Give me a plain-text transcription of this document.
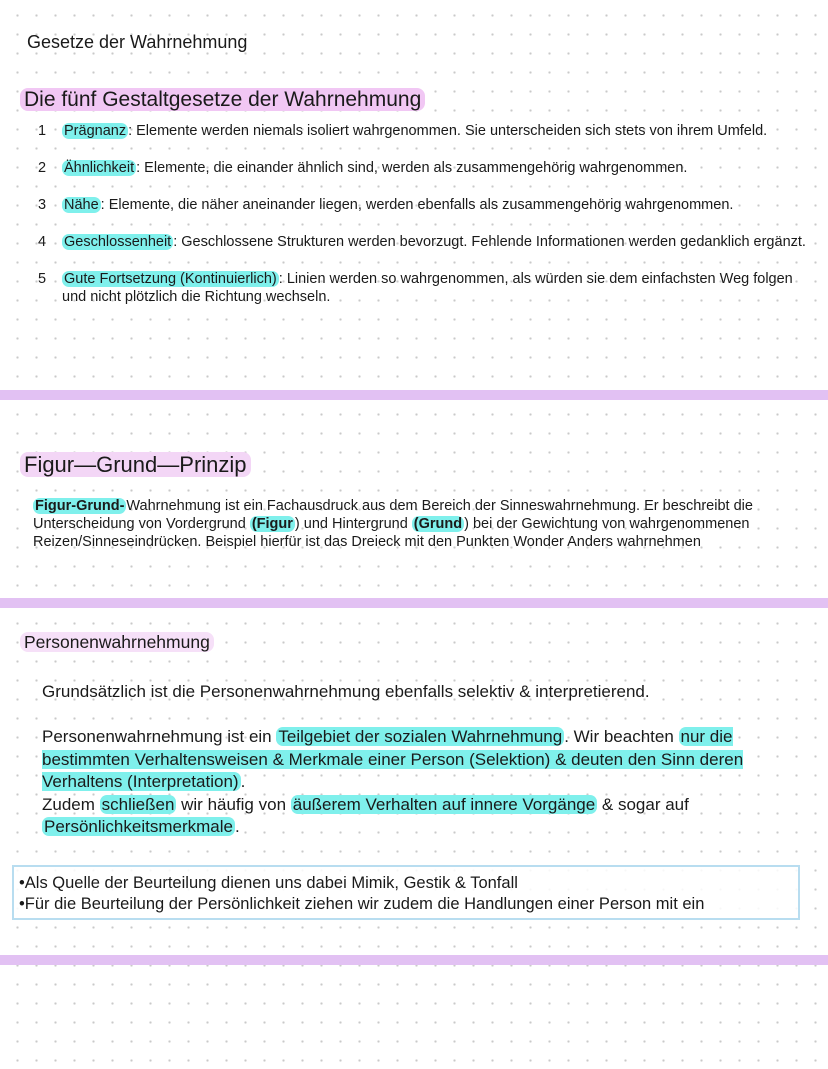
Gesetze der Wahrnehmung
Die fünf Gestaltgesetze der Wahrnehmung
1	Prägnanz : Elemente werden niemals isoliert wahrgenommen. Sie unterscheiden sich stets von ihrem Umfeld.
2	Ähnlichkeit : Elemente, die einander ähnlich sind, werden als zusammengehörig wahrgenommen.
3	Nähe : Elemente, die näher aneinander liegen, werden ebenfalls als zusammengehörig wahrgenommen.
4	Geschlossenheit : Geschlossene Strukturen werden bevorzugt. Fehlende Informationen werden gedanklich ergänzt.
5	Gute Fortsetzung (Kontinuierlich) : Linien werden so wahrgenommen, als würden sie dem einfachsten Weg folgen und nicht plötzlich die Richtung wechseln.
Figur—Grund—Prinzip
Figur-Grund- Wahrnehmung ist ein Fachausdruck aus dem Bereich der Sinneswahrnehmung. Er beschreibt die Unterscheidung von Vordergrund (Figur ) und Hintergrund (Grund ) bei der Gewichtung von wahrgenommenen Reizen/Sinneseindrücken. Beispiel hierfür ist das Dreieck mit den Punkten Wonder Anders wahrnehmen
Personenwahrnehmung
Grundsätzlich ist die Personenwahrnehmung ebenfalls selektiv & interpretierend.
Personenwahrnehmung ist ein Teilgebiet der sozialen Wahrnehmung . Wir beachten nur die bestimmten Verhaltensweisen & Merkmale einer Person (Selektion) & deuten den Sinn deren Verhaltens (Interpretation) .
Zudem schließen wir häufig von äußerem Verhalten auf innere Vorgänge & sogar auf Persönlichkeitsmerkmale .
•Als Quelle der Beurteilung dienen uns dabei Mimik, Gestik & Tonfall
•Für die Beurteilung der Persönlichkeit ziehen wir zudem die Handlungen einer Person mit ein
